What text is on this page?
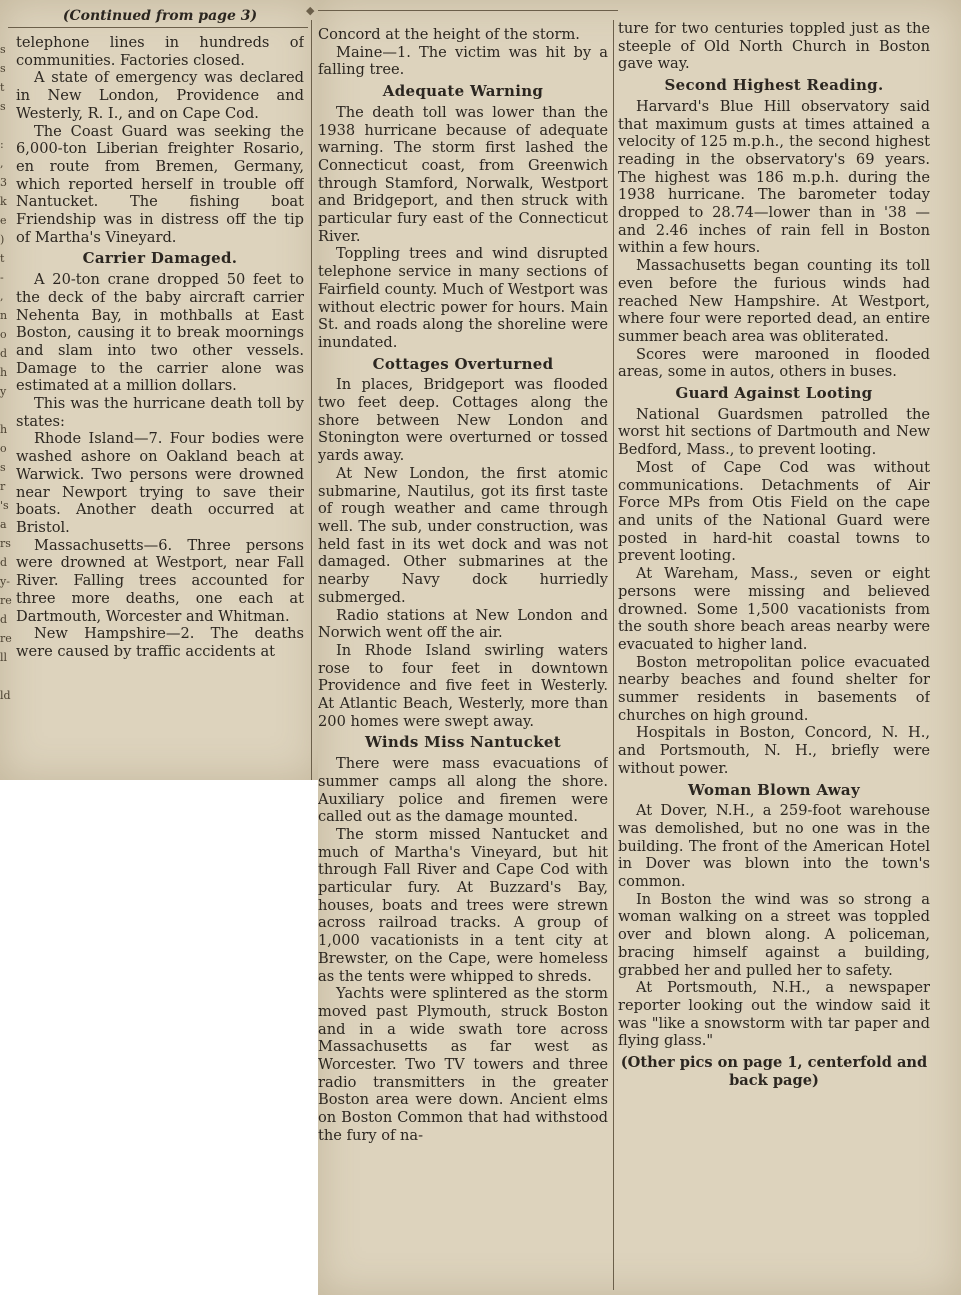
◆
(Continued from page 3)
s
s
t
s

:
,
3
k
e
)
t
-
,
n
o
d
h
y

h
o
s
r
's
a
rs
d
y-
re
d
re
ll

ld

telephone lines in hundreds of communities. Factories closed.

A state of emergency was declared in New London, Providence and Westerly, R. I., and on Cape Cod.

The Coast Guard was seeking the 6,000-ton Liberian freighter Rosario, en route from Bremen, Germany, which reported herself in trouble off Nantucket. The fishing boat Friendship was in distress off the tip of Martha's Vineyard.

Carrier Damaged.

A 20-ton crane dropped 50 feet to the deck of the baby aircraft carrier Nehenta Bay, in mothballs at East Boston, causing it to break moornings and slam into two other vessels. Damage to the carrier alone was estimated at a million dollars.

This was the hurricane death toll by states:

Rhode Island—7. Four bodies were washed ashore on Oakland beach at Warwick. Two persons were drowned near Newport trying to save their boats. Another death occurred at Bristol.

Massachusetts—6. Three persons were drowned at Westport, near Fall River. Falling trees accounted for three more deaths, one each at Dartmouth, Worcester and Whitman.

New Hampshire—2. The deaths were caused by traffic accidents at

Concord at the height of the storm.

Maine—1. The victim was hit by a falling tree.

Adequate Warning

The death toll was lower than the 1938 hurricane because of adequate warning. The storm first lashed the Connecticut coast, from Greenwich through Stamford, Norwalk, Westport and Bridgeport, and then struck with particular fury east of the Connecticut River.

Toppling trees and wind disrupted telephone service in many sections of Fairfield county. Much of Westport was without electric power for hours. Main St. and roads along the shoreline were inundated.

Cottages Overturned

In places, Bridgeport was flooded two feet deep. Cottages along the shore between New London and Stonington were overturned or tossed yards away.

At New London, the first atomic submarine, Nautilus, got its first taste of rough weather and came through well. The sub, under construction, was held fast in its wet dock and was not damaged. Other submarines at the nearby Navy dock hurriedly submerged.

Radio stations at New London and Norwich went off the air.

In Rhode Island swirling waters rose to four feet in downtown Providence and five feet in Westerly. At Atlantic Beach, Westerly, more than 200 homes were swept away.

Winds Miss Nantucket

There were mass evacuations of summer camps all along the shore. Auxiliary police and firemen were called out as the damage mounted.

The storm missed Nantucket and much of Martha's Vineyard, but hit through Fall River and Cape Cod with particular fury. At Buzzard's Bay, houses, boats and trees were strewn across railroad tracks. A group of 1,000 vacationists in a tent city at Brewster, on the Cape, were homeless as the tents were whipped to shreds.

Yachts were splintered as the storm moved past Plymouth, struck Boston and in a wide swath tore across Massachusetts as far west as Worcester. Two TV towers and three radio transmitters in the greater Boston area were down. Ancient elms on Boston Common that had withstood the fury of na-

ture for two centuries toppled just as the steeple of Old North Church in Boston gave way.

Second Highest Reading.

Harvard's Blue Hill observatory said that maximum gusts at times attained a velocity of 125 m.p.h., the second highest reading in the observatory's 69 years. The highest was 186 m.p.h. during the 1938 hurricane. The barometer today dropped to 28.74—lower than in '38 —and 2.46 inches of rain fell in Boston within a few hours.

Massachusetts began counting its toll even before the furious winds had reached New Hampshire. At Westport, where four were reported dead, an entire summer beach area was obliterated.

Scores were marooned in flooded areas, some in autos, others in buses.

Guard Against Looting

National Guardsmen patrolled the worst hit sections of Dartmouth and New Bedford, Mass., to prevent looting.

Most of Cape Cod was without communications. Detachments of Air Force MPs from Otis Field on the cape and units of the National Guard were posted in hard-hit coastal towns to prevent looting.

At Wareham, Mass., seven or eight persons were missing and believed drowned. Some 1,500 vacationists from the south shore beach areas nearby were evacuated to higher land.

Boston metropolitan police evacuated nearby beaches and found shelter for summer residents in basements of churches on high ground.

Hospitals in Boston, Concord, N. H., and Portsmouth, N. H., briefly were without power.

Woman Blown Away

At Dover, N.H., a 259-foot warehouse was demolished, but no one was in the building. The front of the American Hotel in Dover was blown into the town's common.

In Boston the wind was so strong a woman walking on a street was toppled over and blown along. A policeman, bracing himself against a building, grabbed her and pulled her to safety.

At Portsmouth, N.H., a newspaper reporter looking out the window said it was "like a snowstorm with tar paper and flying glass."

(Other pics on page 1, centerfold and back page)
